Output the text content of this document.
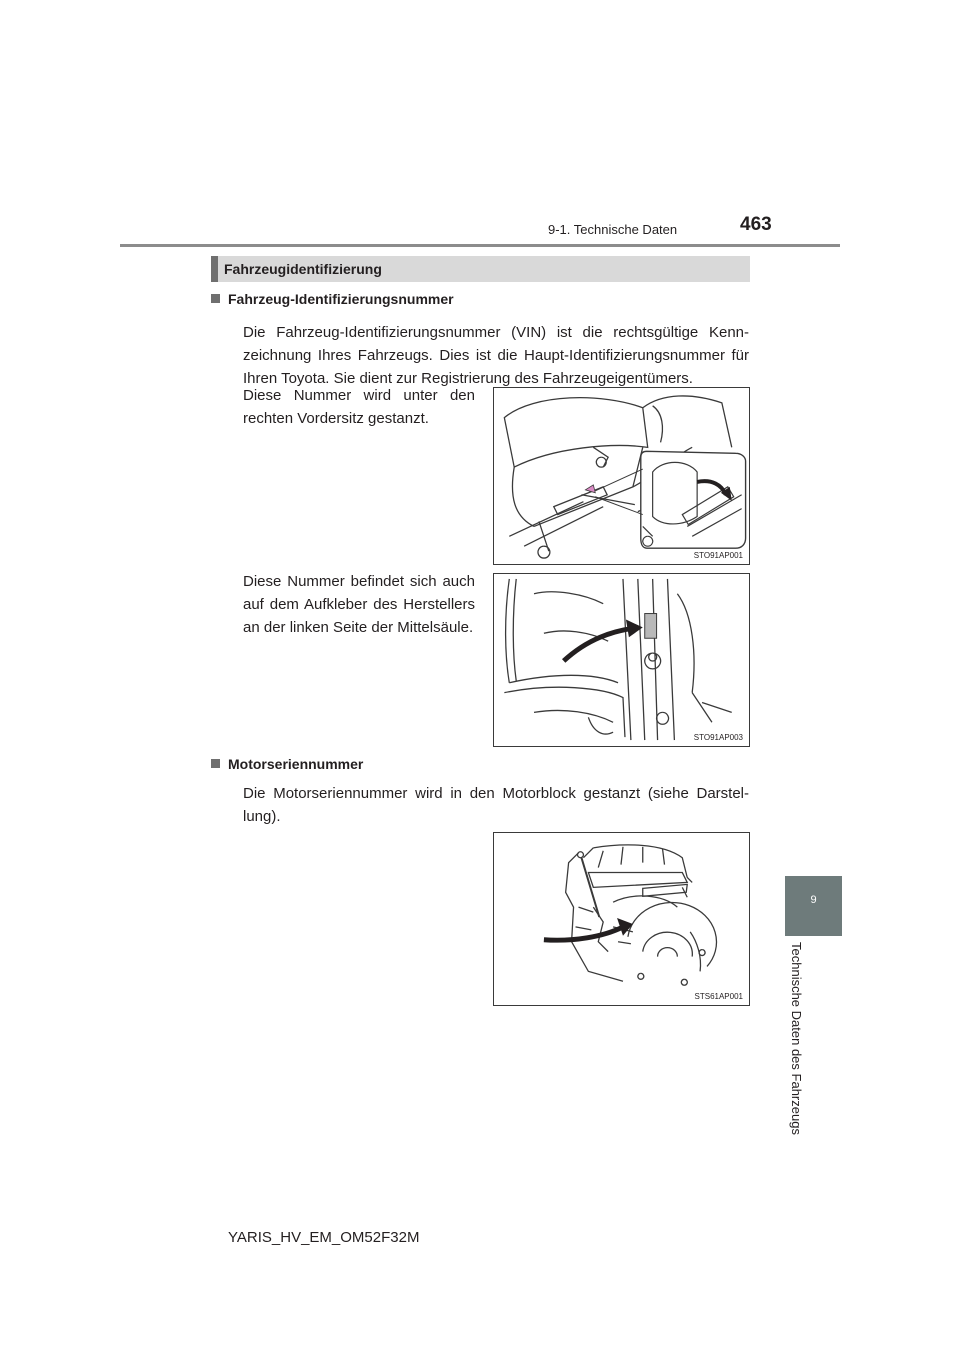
9-1. Technische Daten	463
Fahrzeugidentifizierung
Fahrzeug-Identifizierungsnummer
Die Fahrzeug-Identifizierungsnummer (VIN) ist die rechtsgültige Kenn-zeichnung Ihres Fahrzeugs. Dies ist die Haupt-Identifizierungsnummer für Ihren Toyota. Sie dient zur Registrierung des Fahrzeugeigentümers.
Diese Nummer wird unter den rechten Vordersitz gestanzt.
STO91AP001
Diese Nummer befindet sich auch auf dem Aufkleber des Herstellers an der linken Seite der Mittelsäule.
STO91AP003
Motorseriennummer
Die Motorseriennummer wird in den Motorblock gestanzt (siehe Darstel-lung).
STS61AP001
9
Technische Daten des Fahrzeugs
YARIS_HV_EM_OM52F32M
